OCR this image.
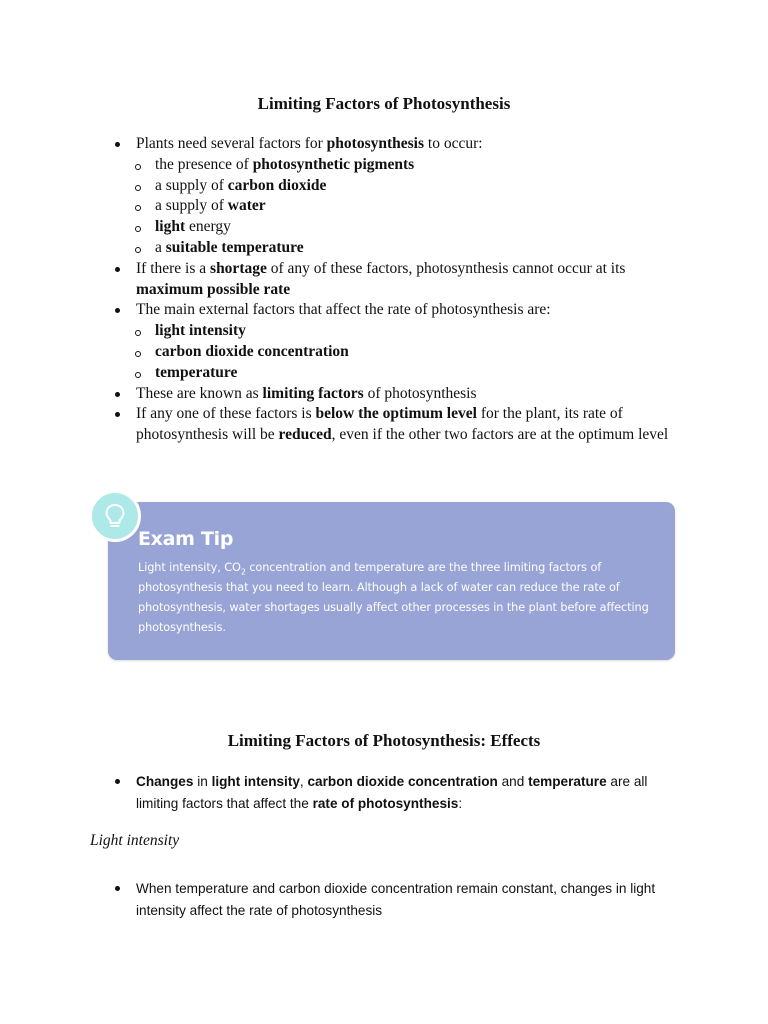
Limiting Factors of Photosynthesis
Plants need several factors for photosynthesis to occur:
the presence of photosynthetic pigments
a supply of carbon dioxide
a supply of water
light energy
a suitable temperature
If there is a shortage of any of these factors, photosynthesis cannot occur at its maximum possible rate
The main external factors that affect the rate of photosynthesis are:
light intensity
carbon dioxide concentration
temperature
These are known as limiting factors of photosynthesis
If any one of these factors is below the optimum level for the plant, its rate of photosynthesis will be reduced, even if the other two factors are at the optimum level
Exam Tip
Light intensity, $CO_2$ concentration and temperature are the three limiting factors of photosynthesis that you need to learn. Although a lack of water can reduce the rate of photosynthesis, water shortages usually affect other processes in the plant before affecting photosynthesis.
Limiting Factors of Photosynthesis: Effects
Changes in light intensity, carbon dioxide concentration and temperature are all limiting factors that affect the rate of photosynthesis:
Light intensity
When temperature and carbon dioxide concentration remain constant, changes in light intensity affect the rate of photosynthesis
